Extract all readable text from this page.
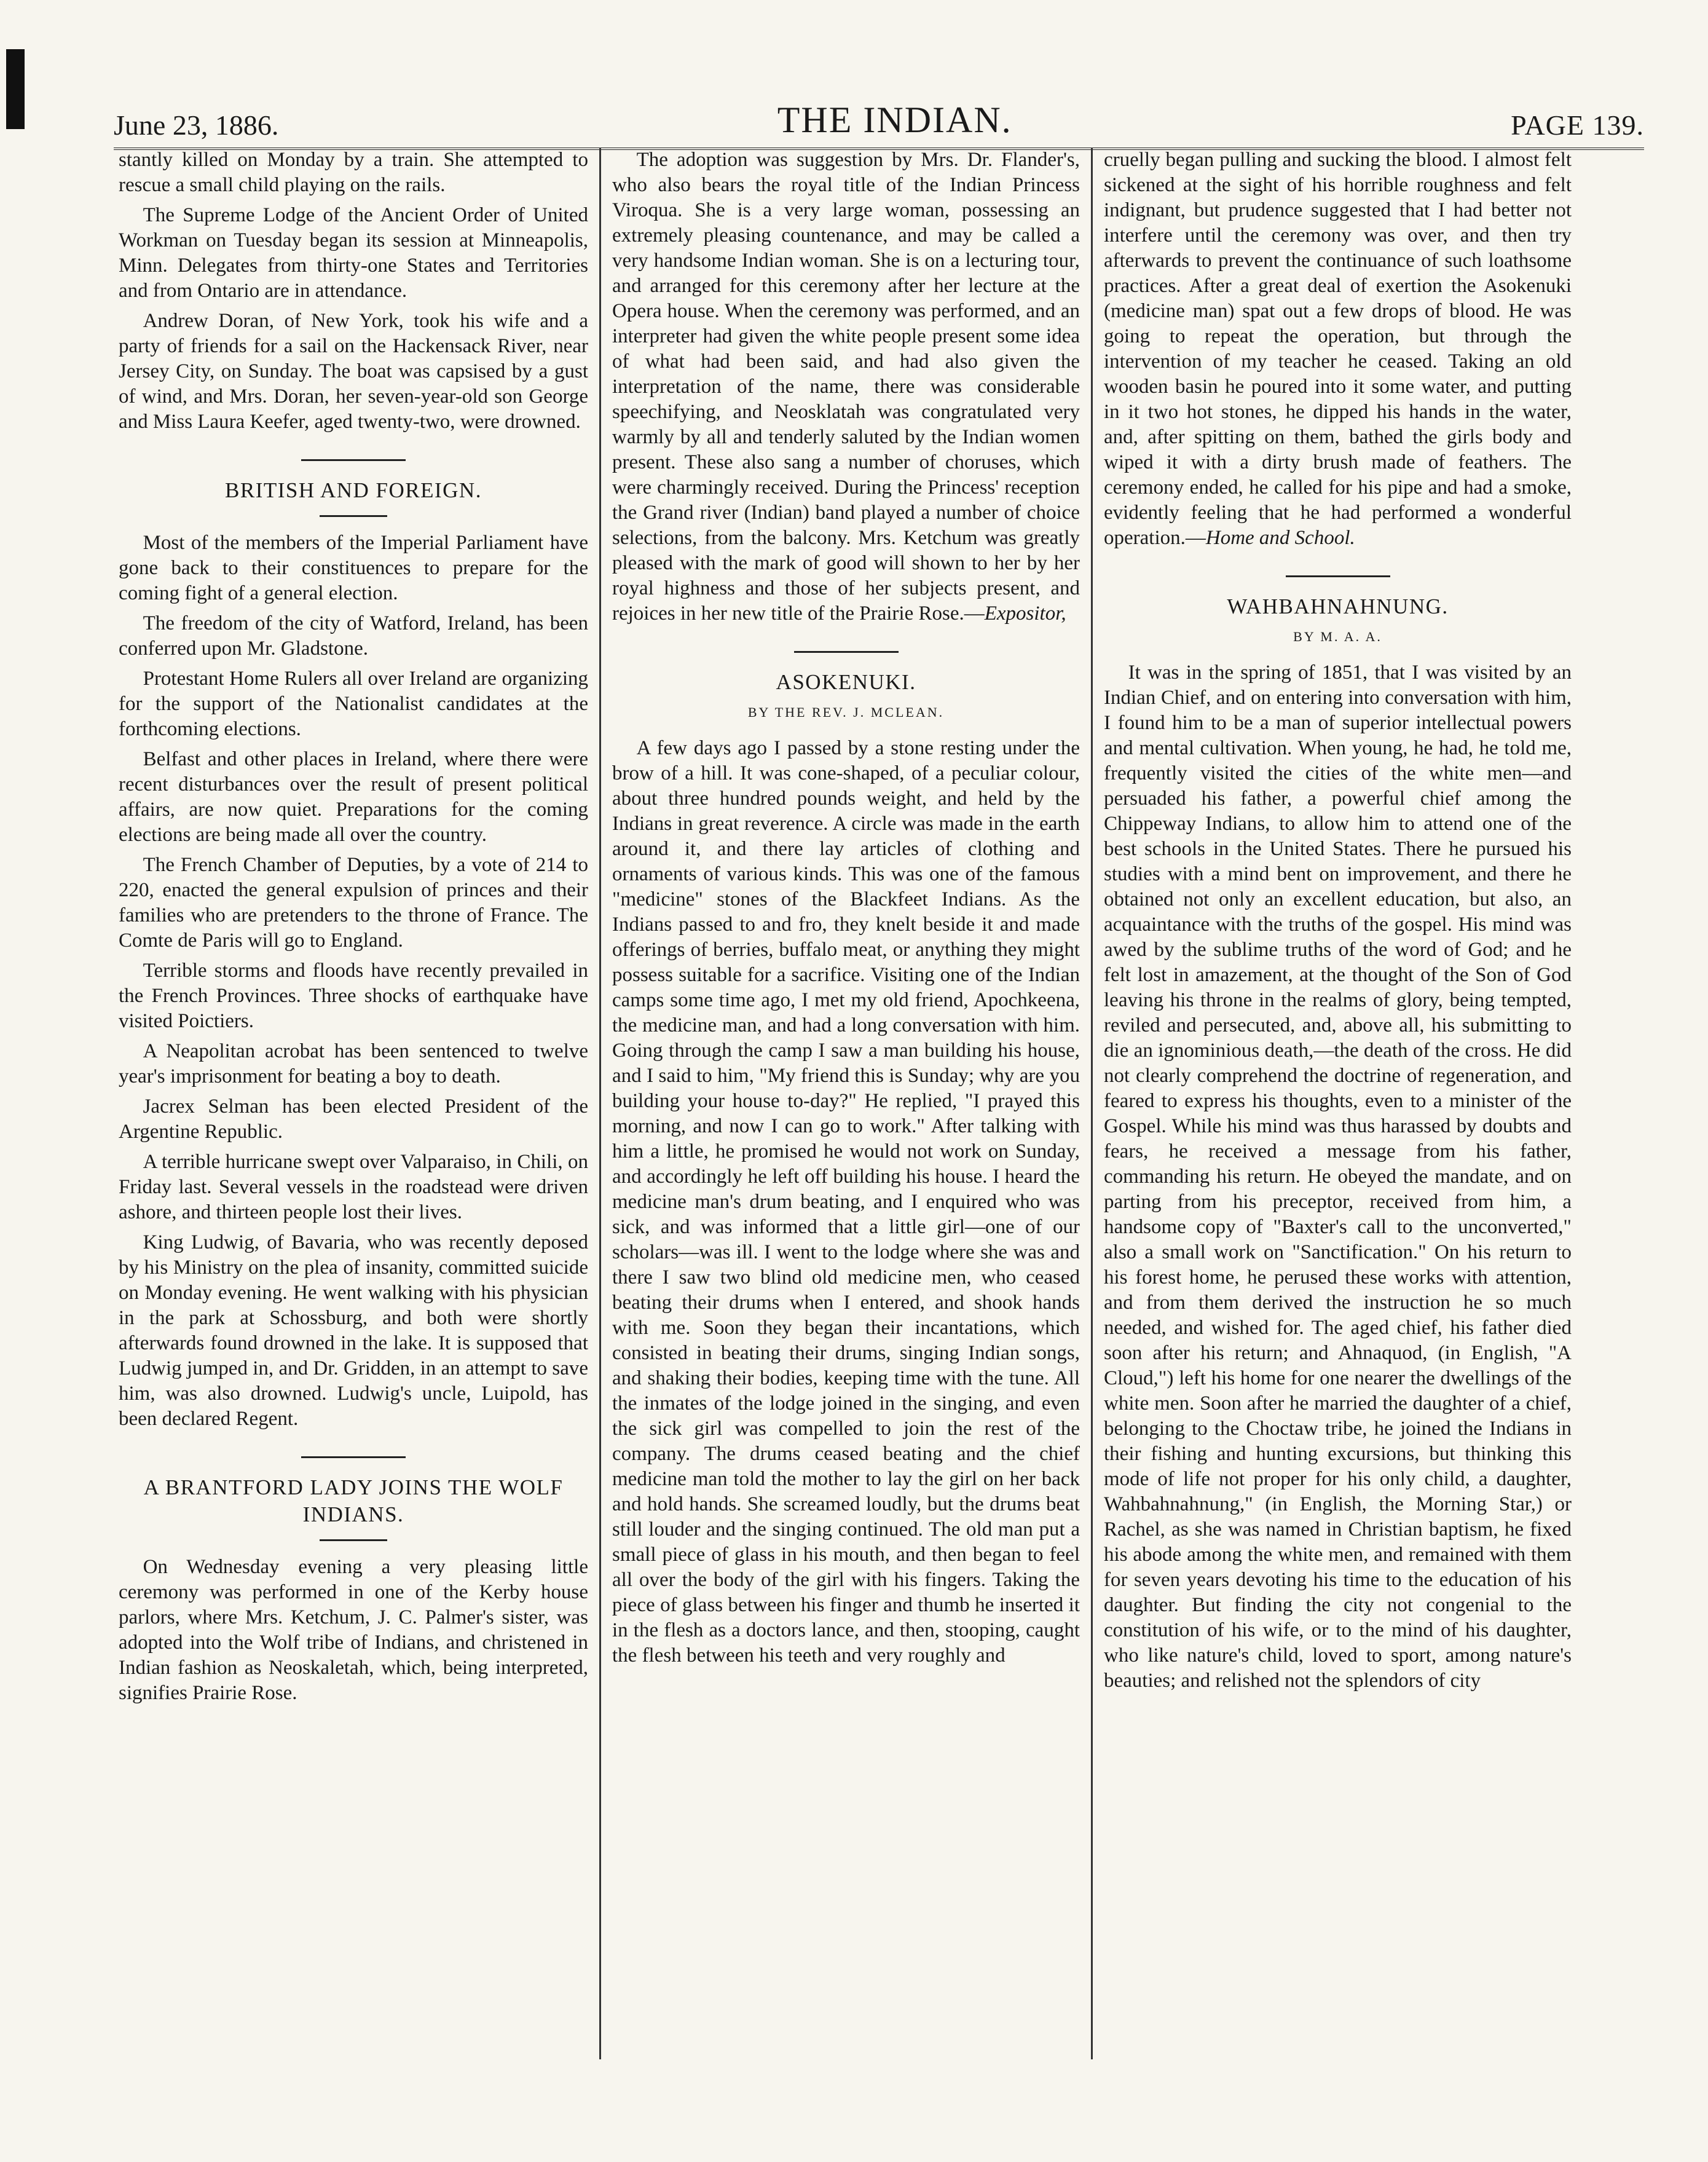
June 23, 1886.	THE INDIAN.	PAGE 139.

stantly killed on Monday by a train. She attempted to rescue a small child playing on the rails.

The Supreme Lodge of the Ancient Order of United Workman on Tuesday began its session at Minneapolis, Minn. Delegates from thirty-one States and Territories and from Ontario are in attendance.

Andrew Doran, of New York, took his wife and a party of friends for a sail on the Hackensack River, near Jersey City, on Sunday. The boat was capsised by a gust of wind, and Mrs. Doran, her seven-year-old son George and Miss Laura Keefer, aged twenty-two, were drowned.

BRITISH AND FOREIGN.

Most of the members of the Imperial Parliament have gone back to their constituences to prepare for the coming fight of a general election.

The freedom of the city of Watford, Ireland, has been conferred upon Mr. Gladstone.

Protestant Home Rulers all over Ireland are organizing for the support of the Nationalist candidates at the forthcoming elections.

Belfast and other places in Ireland, where there were recent disturbances over the result of present political affairs, are now quiet. Preparations for the coming elections are being made all over the country.

The French Chamber of Deputies, by a vote of 214 to 220, enacted the general expulsion of princes and their families who are pretenders to the throne of France. The Comte de Paris will go to England.

Terrible storms and floods have recently prevailed in the French Provinces. Three shocks of earthquake have visited Poictiers.

A Neapolitan acrobat has been sentenced to twelve year's imprisonment for beating a boy to death.

Jacrex Selman has been elected President of the Argentine Republic.

A terrible hurricane swept over Valparaiso, in Chili, on Friday last. Several vessels in the roadstead were driven ashore, and thirteen people lost their lives.

King Ludwig, of Bavaria, who was recently deposed by his Ministry on the plea of insanity, committed suicide on Monday evening. He went walking with his physician in the park at Schossburg, and both were shortly afterwards found drowned in the lake. It is supposed that Ludwig jumped in, and Dr. Gridden, in an attempt to save him, was also drowned. Ludwig's uncle, Luipold, has been declared Regent.

A BRANTFORD LADY JOINS THE WOLF INDIANS.

On Wednesday evening a very pleasing little ceremony was performed in one of the Kerby house parlors, where Mrs. Ketchum, J. C. Palmer's sister, was adopted into the Wolf tribe of Indians, and christened in Indian fashion as Neoskaletah, which, being interpreted, signifies Prairie Rose.

The adoption was suggestion by Mrs. Dr. Flander's, who also bears the royal title of the Indian Princess Viroqua. She is a very large woman, possessing an extremely pleasing countenance, and may be called a very handsome Indian woman. She is on a lecturing tour, and arranged for this ceremony after her lecture at the Opera house. When the ceremony was performed, and an interpreter had given the white people present some idea of what had been said, and had also given the interpretation of the name, there was considerable speechifying, and Neosklatah was congratulated very warmly by all and tenderly saluted by the Indian women present. These also sang a number of choruses, which were charmingly received. During the Princess' reception the Grand river (Indian) band played a number of choice selections, from the balcony. Mrs. Ketchum was greatly pleased with the mark of good will shown to her by her royal highness and those of her subjects present, and rejoices in her new title of the Prairie Rose.—Expositor,

ASOKENUKI.
BY THE REV. J. MCLEAN.

A few days ago I passed by a stone resting under the brow of a hill. It was cone-shaped, of a peculiar colour, about three hundred pounds weight, and held by the Indians in great reverence. A circle was made in the earth around it, and there lay articles of clothing and ornaments of various kinds. This was one of the famous "medicine" stones of the Blackfeet Indians. As the Indians passed to and fro, they knelt beside it and made offerings of berries, buffalo meat, or anything they might possess suitable for a sacrifice. Visiting one of the Indian camps some time ago, I met my old friend, Apochkeena, the medicine man, and had a long conversation with him. Going through the camp I saw a man building his house, and I said to him, "My friend this is Sunday; why are you building your house to-day?" He replied, "I prayed this morning, and now I can go to work." After talking with him a little, he promised he would not work on Sunday, and accordingly he left off building his house. I heard the medicine man's drum beating, and I enquired who was sick, and was informed that a little girl—one of our scholars—was ill. I went to the lodge where she was and there I saw two blind old medicine men, who ceased beating their drums when I entered, and shook hands with me. Soon they began their incantations, which consisted in beating their drums, singing Indian songs, and shaking their bodies, keeping time with the tune. All the inmates of the lodge joined in the singing, and even the sick girl was compelled to join the rest of the company. The drums ceased beating and the chief medicine man told the mother to lay the girl on her back and hold hands. She screamed loudly, but the drums beat still louder and the singing continued. The old man put a small piece of glass in his mouth, and then began to feel all over the body of the girl with his fingers. Taking the piece of glass between his finger and thumb he inserted it in the flesh as a doctors lance, and then, stooping, caught the flesh between his teeth and very roughly and

cruelly began pulling and sucking the blood. I almost felt sickened at the sight of his horrible roughness and felt indignant, but prudence suggested that I had better not interfere until the ceremony was over, and then try afterwards to prevent the continuance of such loathsome practices. After a great deal of exertion the Asokenuki (medicine man) spat out a few drops of blood. He was going to repeat the operation, but through the intervention of my teacher he ceased. Taking an old wooden basin he poured into it some water, and putting in it two hot stones, he dipped his hands in the water, and, after spitting on them, bathed the girls body and wiped it with a dirty brush made of feathers. The ceremony ended, he called for his pipe and had a smoke, evidently feeling that he had performed a wonderful operation.—Home and School.

WAHBAHNAHNUNG.
BY M. A. A.

It was in the spring of 1851, that I was visited by an Indian Chief, and on entering into conversation with him, I found him to be a man of superior intellectual powers and mental cultivation. When young, he had, he told me, frequently visited the cities of the white men—and persuaded his father, a powerful chief among the Chippeway Indians, to allow him to attend one of the best schools in the United States. There he pursued his studies with a mind bent on improvement, and there he obtained not only an excellent education, but also, an acquaintance with the truths of the gospel. His mind was awed by the sublime truths of the word of God; and he felt lost in amazement, at the thought of the Son of God leaving his throne in the realms of glory, being tempted, reviled and persecuted, and, above all, his submitting to die an ignominious death,—the death of the cross. He did not clearly comprehend the doctrine of regeneration, and feared to express his thoughts, even to a minister of the Gospel. While his mind was thus harassed by doubts and fears, he received a message from his father, commanding his return. He obeyed the mandate, and on parting from his preceptor, received from him, a handsome copy of "Baxter's call to the unconverted," also a small work on "Sanctification." On his return to his forest home, he perused these works with attention, and from them derived the instruction he so much needed, and wished for. The aged chief, his father died soon after his return; and Ahnaquod, (in English, "A Cloud,") left his home for one nearer the dwellings of the white men. Soon after he married the daughter of a chief, belonging to the Choctaw tribe, he joined the Indians in their fishing and hunting excursions, but thinking this mode of life not proper for his only child, a daughter, Wahbahnahnung," (in English, the Morning Star,) or Rachel, as she was named in Christian baptism, he fixed his abode among the white men, and remained with them for seven years devoting his time to the education of his daughter. But finding the city not congenial to the constitution of his wife, or to the mind of his daughter, who like nature's child, loved to sport, among nature's beauties; and relished not the splendors of city
